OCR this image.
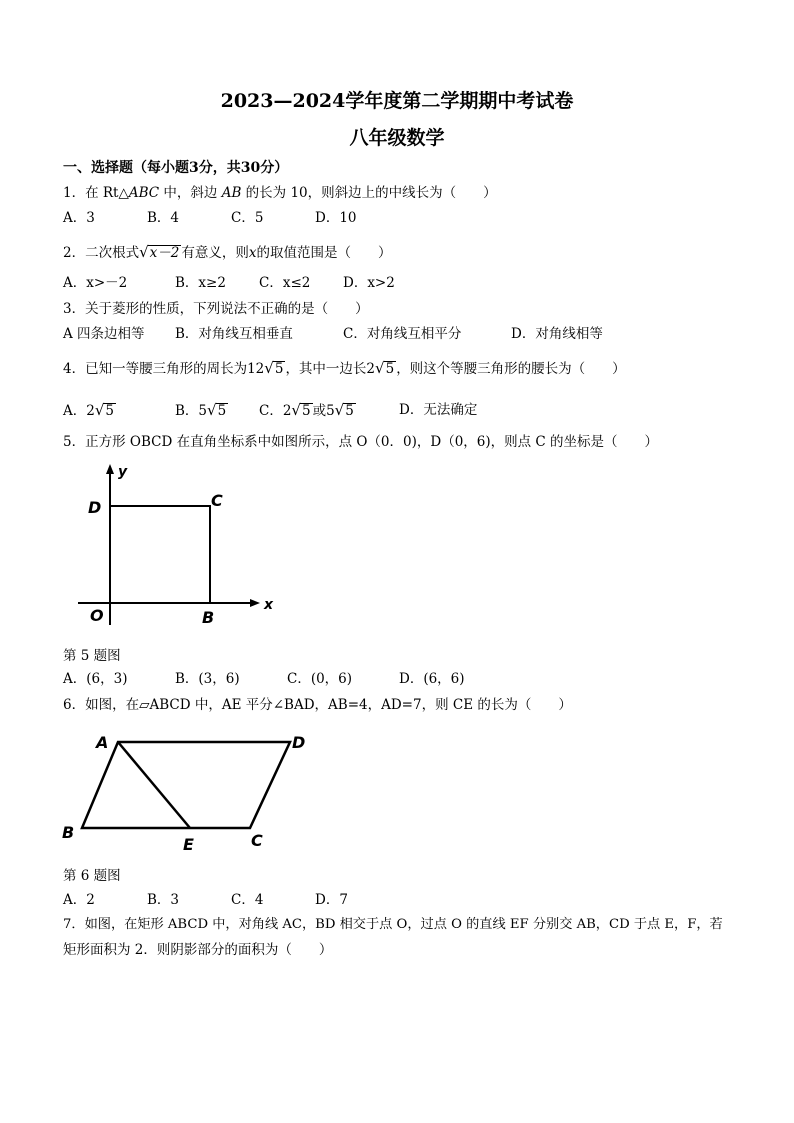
2023—2024学年度第二学期期中考试卷
八年级数学
一、选择题（每小题3分，共30分）
1．在 Rt△ABC 中，斜边 AB 的长为 10，则斜边上的中线长为（　　）
A．3	B．4	C．5	D．10
2．二次根式√x－2 有意义，则x的取值范围是（　　）
A．x>－2	B．x≥2 C．x≤2 D．x>2
3．关于菱形的性质，下列说法不正确的是（　　）
A 四条边相等 B．对角线互相垂直	C．对角线互相平分	D．对角线相等
4．已知一等腰三角形的周长为12√5 ，其中一边长2√5 ，则这个等腰三角形的腰长为（　　）
A．2√5	B．5√5 C．2√5 或5√5	D．无法确定
5．正方形 OBCD 在直角坐标系中如图所示，点 O（0．0)，D（0，6)，则点 C 的坐标是（　　）
y
x
D	C
O	B
第 5 题图
A．(6，3)	B．(3，6)	C．(0，6)	D．(6，6)
6．如图，在▱ABCD 中，AE 平分∠BAD，AB=4，AD=7，则 CE 的长为（　　）
A	D
B
E	C
第 6 题图
A．2	B．3	C．4	D．7
7．如图，在矩形 ABCD 中，对角线 AC，BD 相交于点 O，过点 O 的直线 EF 分别交 AB，CD 于点 E，F，若
矩形面积为 2．则阴影部分的面积为（　　）
